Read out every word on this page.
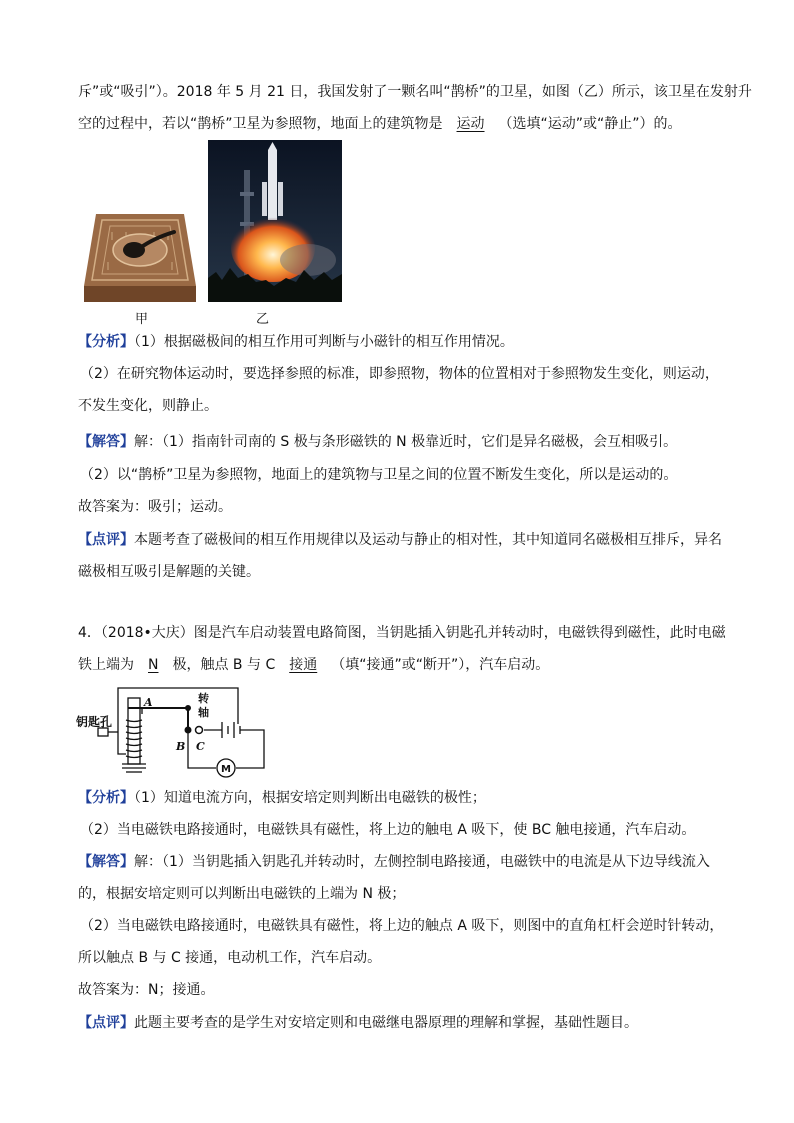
斥”或“吸引”）。2018 年 5 月 21 日，我国发射了一颗名叫“鹊桥”的卫星，如图（乙）所示，该卫星在发射升
空的过程中，若以“鹊桥”卫星为参照物，地面上的建筑物是 运动 （选填“运动”或“静止”）的。
甲	乙
【分析】（1）根据磁极间的相互作用可判断与小磁针的相互作用情况。
（2）在研究物体运动时，要选择参照的标准，即参照物，物体的位置相对于参照物发生变化，则运动，
不发生变化，则静止。
【解答】解：（1）指南针司南的 S 极与条形磁铁的 N 极靠近时，它们是异名磁极，会互相吸引。
（2）以“鹊桥”卫星为参照物，地面上的建筑物与卫星之间的位置不断发生变化，所以是运动的。
故答案为：吸引；运动。
【点评】本题考查了磁极间的相互作用规律以及运动与静止的相对性，其中知道同名磁极相互排斥，异名
磁极相互吸引是解题的关键。
4．（2018•大庆）图是汽车启动装置电路简图，当钥匙插入钥匙孔并转动时，电磁铁得到磁性，此时电磁
铁上端为 N 极，触点 B 与 C 接通 （填“接通”或“断开”），汽车启动。
钥匙孔
转
轴
A
B C
M
【分析】（1）知道电流方向，根据安培定则判断出电磁铁的极性；
（2）当电磁铁电路接通时，电磁铁具有磁性，将上边的触电 A 吸下，使 BC 触电接通，汽车启动。
【解答】解：（1）当钥匙插入钥匙孔并转动时，左侧控制电路接通，电磁铁中的电流是从下边导线流入
的，根据安培定则可以判断出电磁铁的上端为 N 极；
（2）当电磁铁电路接通时，电磁铁具有磁性，将上边的触点 A 吸下，则图中的直角杠杆会逆时针转动，
所以触点 B 与 C 接通，电动机工作，汽车启动。
故答案为：N；接通。
【点评】此题主要考查的是学生对安培定则和电磁继电器原理的理解和掌握，基础性题目。
